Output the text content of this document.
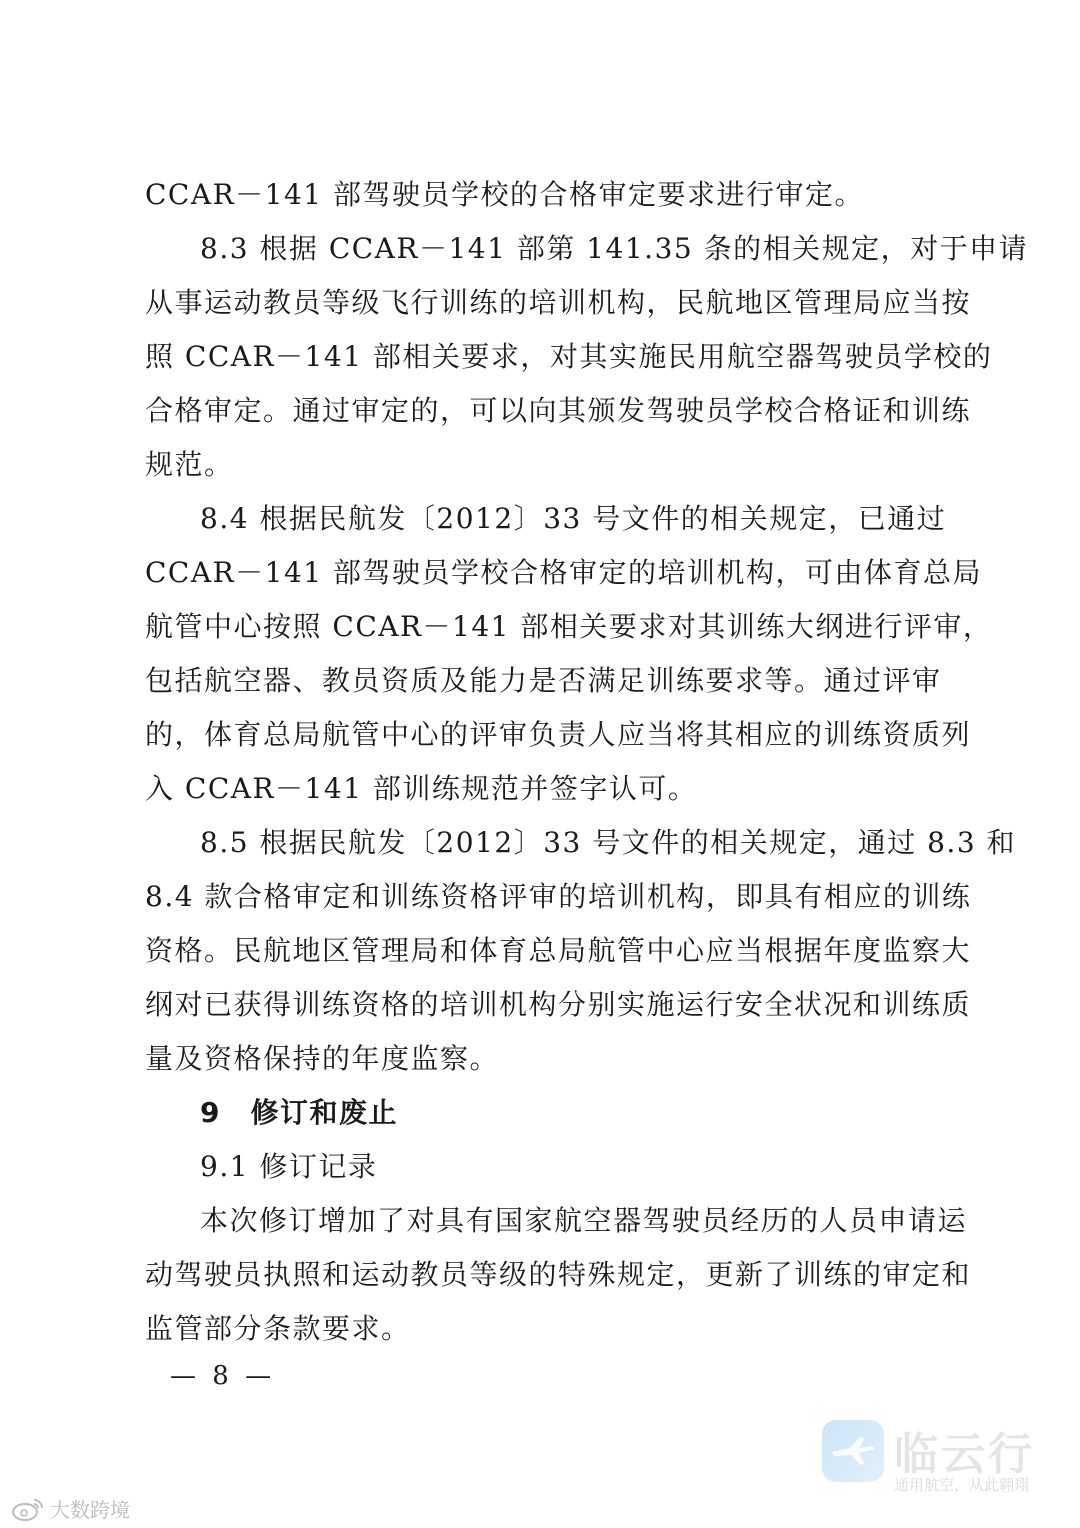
CCAR－141 部驾驶员学校的合格审定要求进行审定。
8.3 根据 CCAR－141 部第 141.35 条的相关规定，对于申请
从事运动教员等级飞行训练的培训机构，民航地区管理局应当按
照 CCAR－141 部相关要求，对其实施民用航空器驾驶员学校的
合格审定。通过审定的，可以向其颁发驾驶员学校合格证和训练
规范。
8.4 根据民航发〔2012〕33 号文件的相关规定，已通过
CCAR－141 部驾驶员学校合格审定的培训机构，可由体育总局
航管中心按照 CCAR－141 部相关要求对其训练大纲进行评审，
包括航空器、教员资质及能力是否满足训练要求等。通过评审
的，体育总局航管中心的评审负责人应当将其相应的训练资质列
入 CCAR－141 部训练规范并签字认可。
8.5 根据民航发〔2012〕33 号文件的相关规定，通过 8.3 和
8.4 款合格审定和训练资格评审的培训机构，即具有相应的训练
资格。民航地区管理局和体育总局航管中心应当根据年度监察大
纲对已获得训练资格的培训机构分别实施运行安全状况和训练质
量及资格保持的年度监察。
9　修订和废止
9.1 修订记录
本次修订增加了对具有国家航空器驾驶员经历的人员申请运
动驾驶员执照和运动教员等级的特殊规定，更新了训练的审定和
监管部分条款要求。
— 8 —
大数跨境
临云行
通用航空，从此翱翔
